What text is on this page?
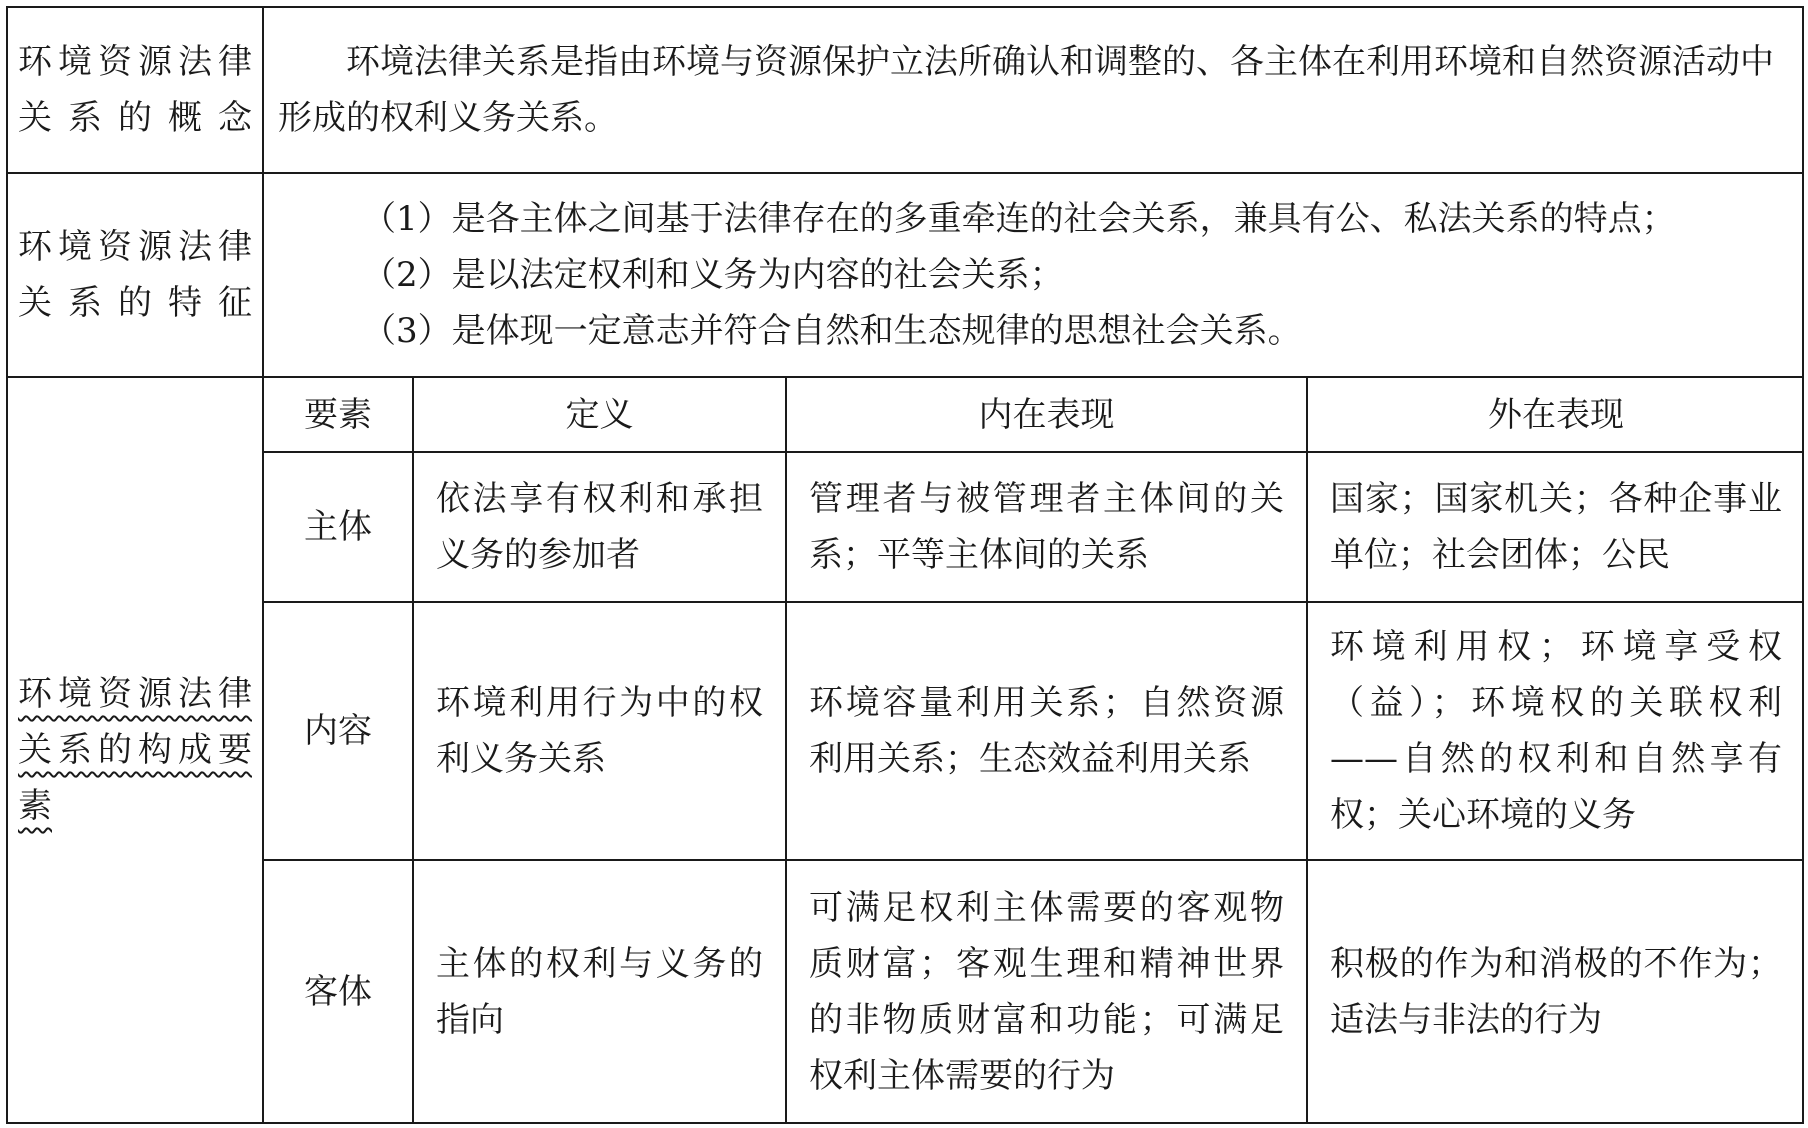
环境资源法律关系的概念	
环境法律关系是指由环境与资源保护立法所确认和调整的、各主体在利用环境和自然资源活动中形成的权利义务关系。

环境资源法律关系的特征	
（1）是各主体之间基于法律存在的多重牵连的社会关系，兼具有公、私法关系的特点；
（2）是以法定权利和义务为内容的社会关系；
（3）是体现一定意志并符合自然和生态规律的思想社会关系。

环境资源法律关系的构成要素	
要素	定义	内在表现	外在表现
主体	依法享有权利和承担义务的参加者	管理者与被管理者主体间的关系；平等主体间的关系	国家；国家机关；各种企事业单位；社会团体；公民
内容	环境利用行为中的权利义务关系	环境容量利用关系；自然资源利用关系；生态效益利用关系	环境利用权；环境享受权（益）；环境权的关联权利——自然的权利和自然享有权；关心环境的义务
客体	主体的权利与义务的指向	可满足权利主体需要的客观物质财富；客观生理和精神世界的非物质财富和功能；可满足权利主体需要的行为	积极的作为和消极的不作为；适法与非法的行为
